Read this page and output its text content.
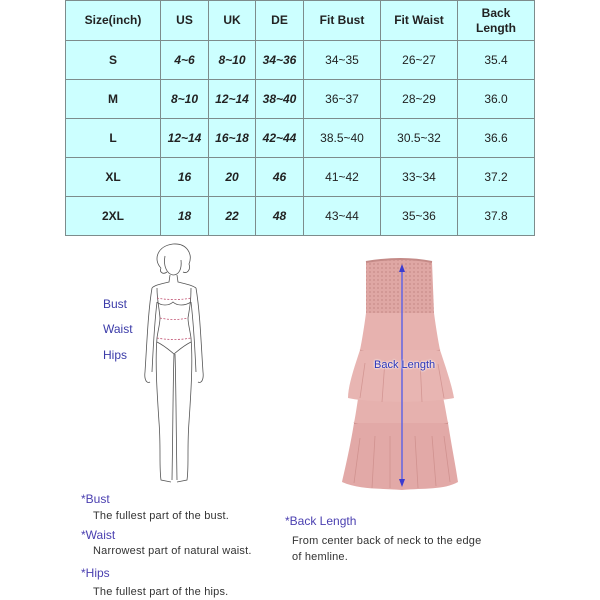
Size(inch)	US	UK	DE	Fit Bust	Fit Waist	Back Length
S	4~6	8~10	34~36	34~35	26~27	35.4
M	8~10	12~14	38~40	36~37	28~29	36.0
L	12~14	16~18	42~44	38.5~40	30.5~32	36.6
XL	16	20	46	41~42	33~34	37.2
2XL	18	22	48	43~44	35~36	37.8
Bust
Waist
Hips
Back Length
*Bust
The fullest part of the bust.
*Waist
Narrowest part of natural waist.
*Hips
The fullest part of the hips.
*Back Length
From center back of neck to the edge
of hemline.
